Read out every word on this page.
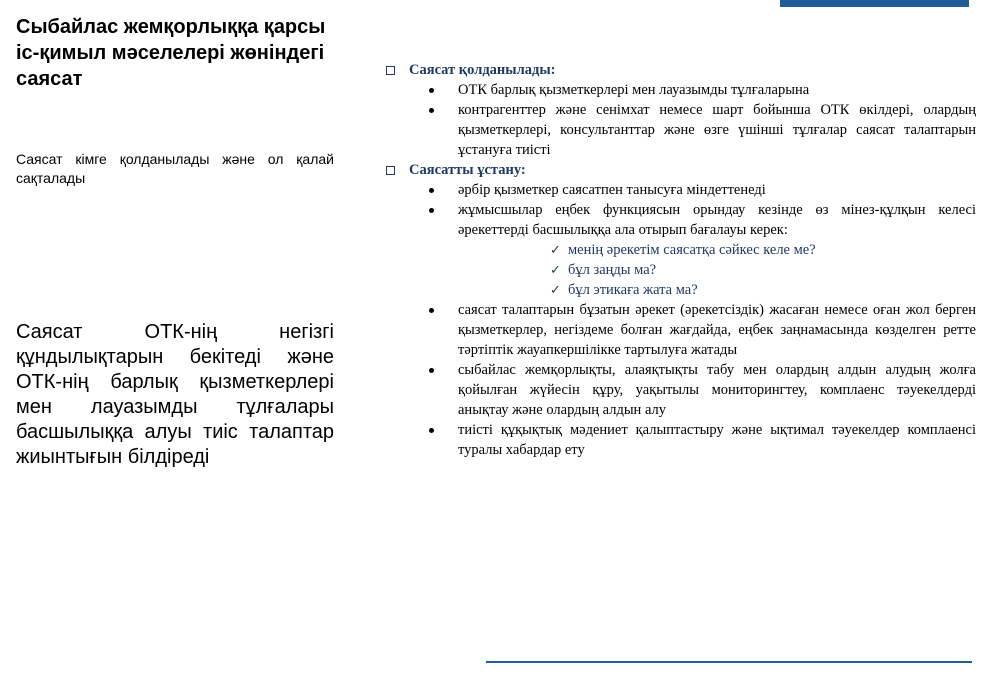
Сыбайлас жемқорлыққа қарсы іс-қимыл мәселелері жөніндегі саясат

Саясат кімге қолданылады және ол қалай сақталады

Саясат ОТК-нің негізгі құндылықтарын бекітеді және ОТК-нің барлық қызметкерлері мен лауазымды тұлғалары басшылыққа алуы тиіс талаптар жиынтығын білдіреді

Саясат қолданылады:
ОТК барлық қызметкерлері мен лауазымды тұлғаларына
контрагенттер және сенімхат немесе шарт бойынша ОТК өкілдері, олардың қызметкерлері, консультанттар және өзге үшінші тұлғалар саясат талаптарын ұстануға тиісті
Саясатты ұстану:
әрбір қызметкер саясатпен танысуға міндеттенеді
жұмысшылар еңбек функциясын орындау кезінде өз мінез-құлқын келесі әрекеттерді басшылыққа ала отырып бағалауы керек:
✓ менің әрекетім саясатқа сәйкес келе ме?
✓ бұл заңды ма?
✓ бұл этикаға жата ма?
саясат талаптарын бұзатын әрекет (әрекетсіздік) жасаған немесе оған жол берген қызметкерлер, негіздеме болған жағдайда, еңбек заңнамасында көзделген ретте тәртіптік жауапкершілікке тартылуға жатады
сыбайлас жемқорлықты, алаяқтықты табу мен олардың алдын алудың жолға қойылған жүйесін құру, уақытылы мониторингтеу, комплаенс тәуекелдерді анықтау және олардың алдын алу
тиісті құқықтық мәдениет қалыптастыру және ықтимал тәуекелдер комплаенсі туралы хабардар ету
